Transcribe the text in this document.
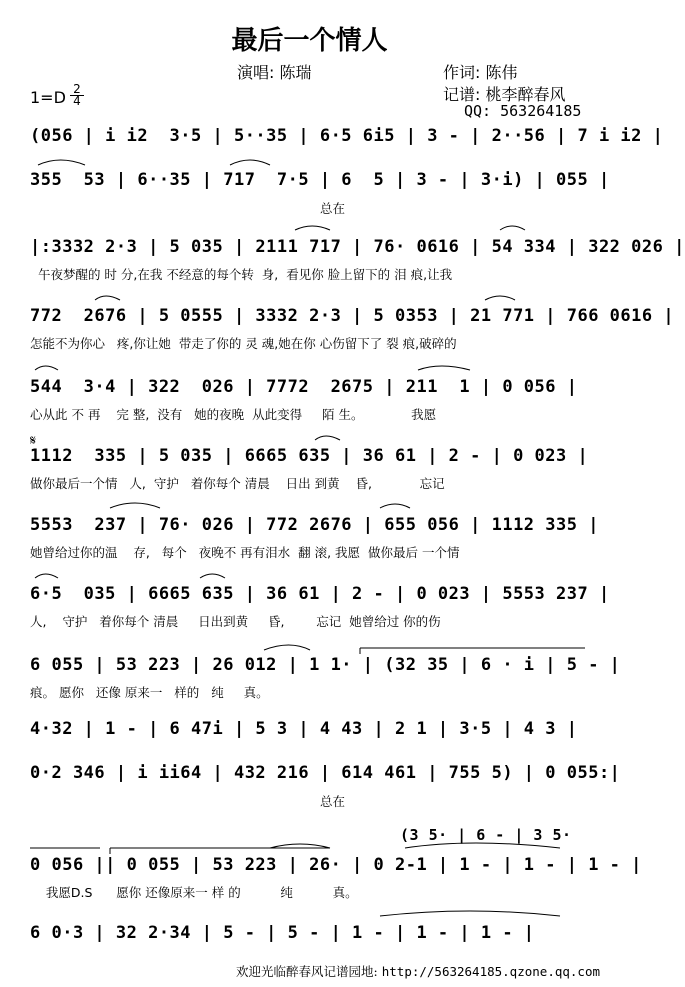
最后一个情人
演唱: 陈瑞	作词: 陈伟
记谱: 桃李醉春风
QQ: 563264185
1=D 2
4
𝄋
(056 | i i2  3·5 | 5··35 | 6·5 6i5 | 3 - | 2··56 | 7 i i2 |
355  53 | 6··35 | 717  7·5 | 6  5 | 3 - | 3·i) | 055 |
总在
|:3332 2·3 | 5 035 | 2111 717 | 76· 0616 | 54 334 | 322 026 |
午夜梦醒的 时 分,在我 不经意的每个转  身,  看见你 脸上留下的 泪 痕,让我
772  2676 | 5 0555 | 3332 2·3 | 5 0353 | 21 771 | 766 0616 |
怎能不为你心   疼,你让她  带走了你的 灵 魂,她在你 心伤留下了 裂 痕,破碎的
544  3·4 | 322  026 | 7772  2675 | 211  1 | 0 056 |
心从此 不 再    完 整,  没有   她的夜晚  从此变得     陌 生。            我愿
1112  335 | 5 035 | 6665 635 | 36 61 | 2 - | 0 023 |
做你最后一个情   人,  守护   着你每个 清晨    日出 到黄    昏,            忘记
5553  237 | 76· 026 | 772 2676 | 655 056 | 1112 335 |
她曾给过你的温    存,   每个   夜晚不 再有泪水  翻 滚, 我愿  做你最后 一个情
6·5  035 | 6665 635 | 36 61 | 2 - | 0 023 | 5553 237 |
人,    守护   着你每个 清晨     日出到黄     昏,        忘记  她曾给过 你的伤
6 055 | 53 223 | 26 012 | 1 1· | (32 35 | 6 · i | 5 - |
痕。 愿你   还像 原来一   样的   纯     真。
4·32 | 1 - | 6 47i | 5 3 | 4 43 | 2 1 | 3·5 | 4 3 |
0·2 346 | i ii64 | 432 216 | 614 461 | 755 5) | 0 055:|
总在
(3 5· | 6 - | 3 5·
0 056 || 0 055 | 53 223 | 26· | 0 2-1 | 1 - | 1 - | 1 - |
我愿D.S      愿你 还像原来一 样 的          纯          真。
6 0·3 | 32 2·34 | 5 - | 5 - | 1 - | 1 - | 1 - |
欢迎光临醉春风记谱园地: http://563264185.qzone.qq.com
